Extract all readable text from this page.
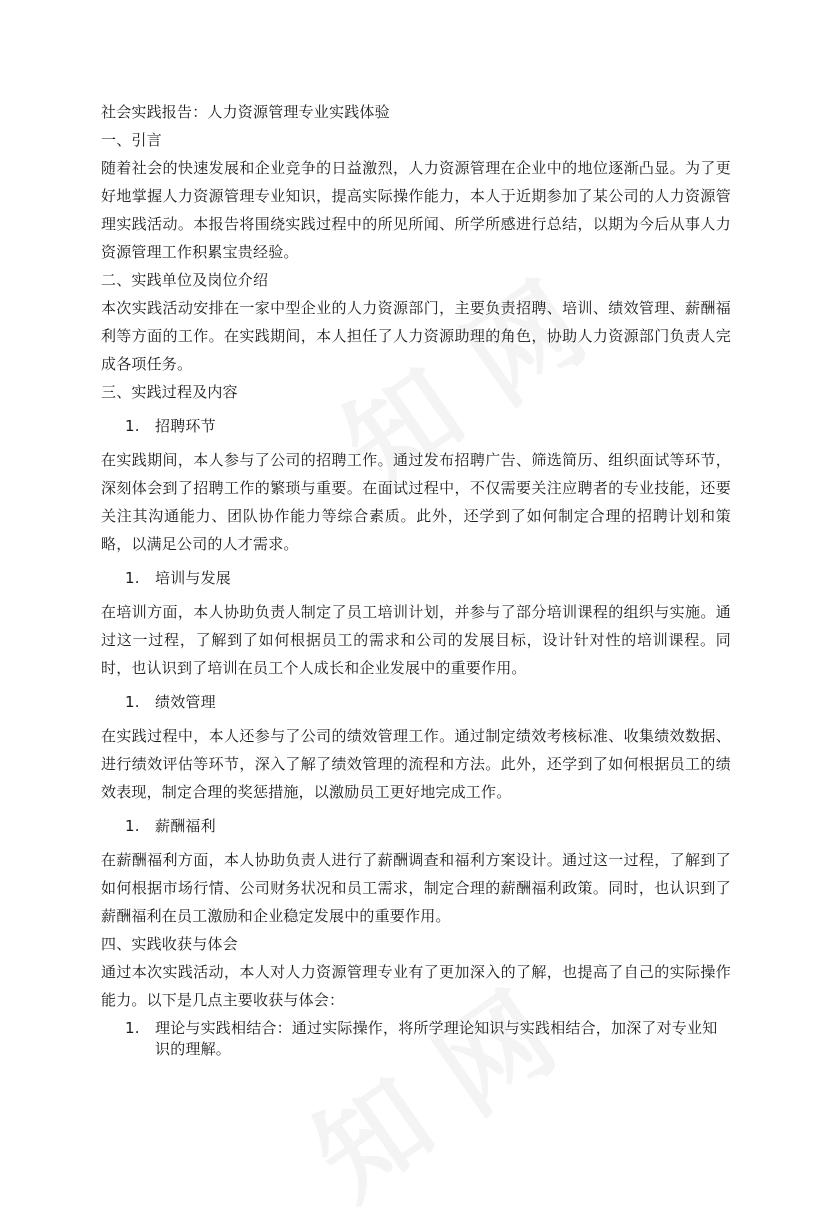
社会实践报告：人力资源管理专业实践体验

一、引言

随着社会的快速发展和企业竞争的日益激烈，人力资源管理在企业中的地位逐渐凸显。为了更好地掌握人力资源管理专业知识，提高实际操作能力，本人于近期参加了某公司的人力资源管理实践活动。本报告将围绕实践过程中的所见所闻、所学所感进行总结，以期为今后从事人力资源管理工作积累宝贵经验。

二、实践单位及岗位介绍

本次实践活动安排在一家中型企业的人力资源部门，主要负责招聘、培训、绩效管理、薪酬福利等方面的工作。在实践期间，本人担任了人力资源助理的角色，协助人力资源部门负责人完成各项任务。

三、实践过程及内容

1. 招聘环节

在实践期间，本人参与了公司的招聘工作。通过发布招聘广告、筛选简历、组织面试等环节，深刻体会到了招聘工作的繁琐与重要。在面试过程中，不仅需要关注应聘者的专业技能，还要关注其沟通能力、团队协作能力等综合素质。此外，还学到了如何制定合理的招聘计划和策略，以满足公司的人才需求。

1. 培训与发展

在培训方面，本人协助负责人制定了员工培训计划，并参与了部分培训课程的组织与实施。通过这一过程，了解到了如何根据员工的需求和公司的发展目标，设计针对性的培训课程。同时，也认识到了培训在员工个人成长和企业发展中的重要作用。

1. 绩效管理

在实践过程中，本人还参与了公司的绩效管理工作。通过制定绩效考核标准、收集绩效数据、进行绩效评估等环节，深入了解了绩效管理的流程和方法。此外，还学到了如何根据员工的绩效表现，制定合理的奖惩措施，以激励员工更好地完成工作。

1. 薪酬福利

在薪酬福利方面，本人协助负责人进行了薪酬调查和福利方案设计。通过这一过程，了解到了如何根据市场行情、公司财务状况和员工需求，制定合理的薪酬福利政策。同时，也认识到了薪酬福利在员工激励和企业稳定发展中的重要作用。

四、实践收获与体会

通过本次实践活动，本人对人力资源管理专业有了更加深入的了解，也提高了自己的实际操作能力。以下是几点主要收获与体会：

1. 理论与实践相结合：通过实际操作，将所学理论知识与实践相结合，加深了对专业知识的理解。
